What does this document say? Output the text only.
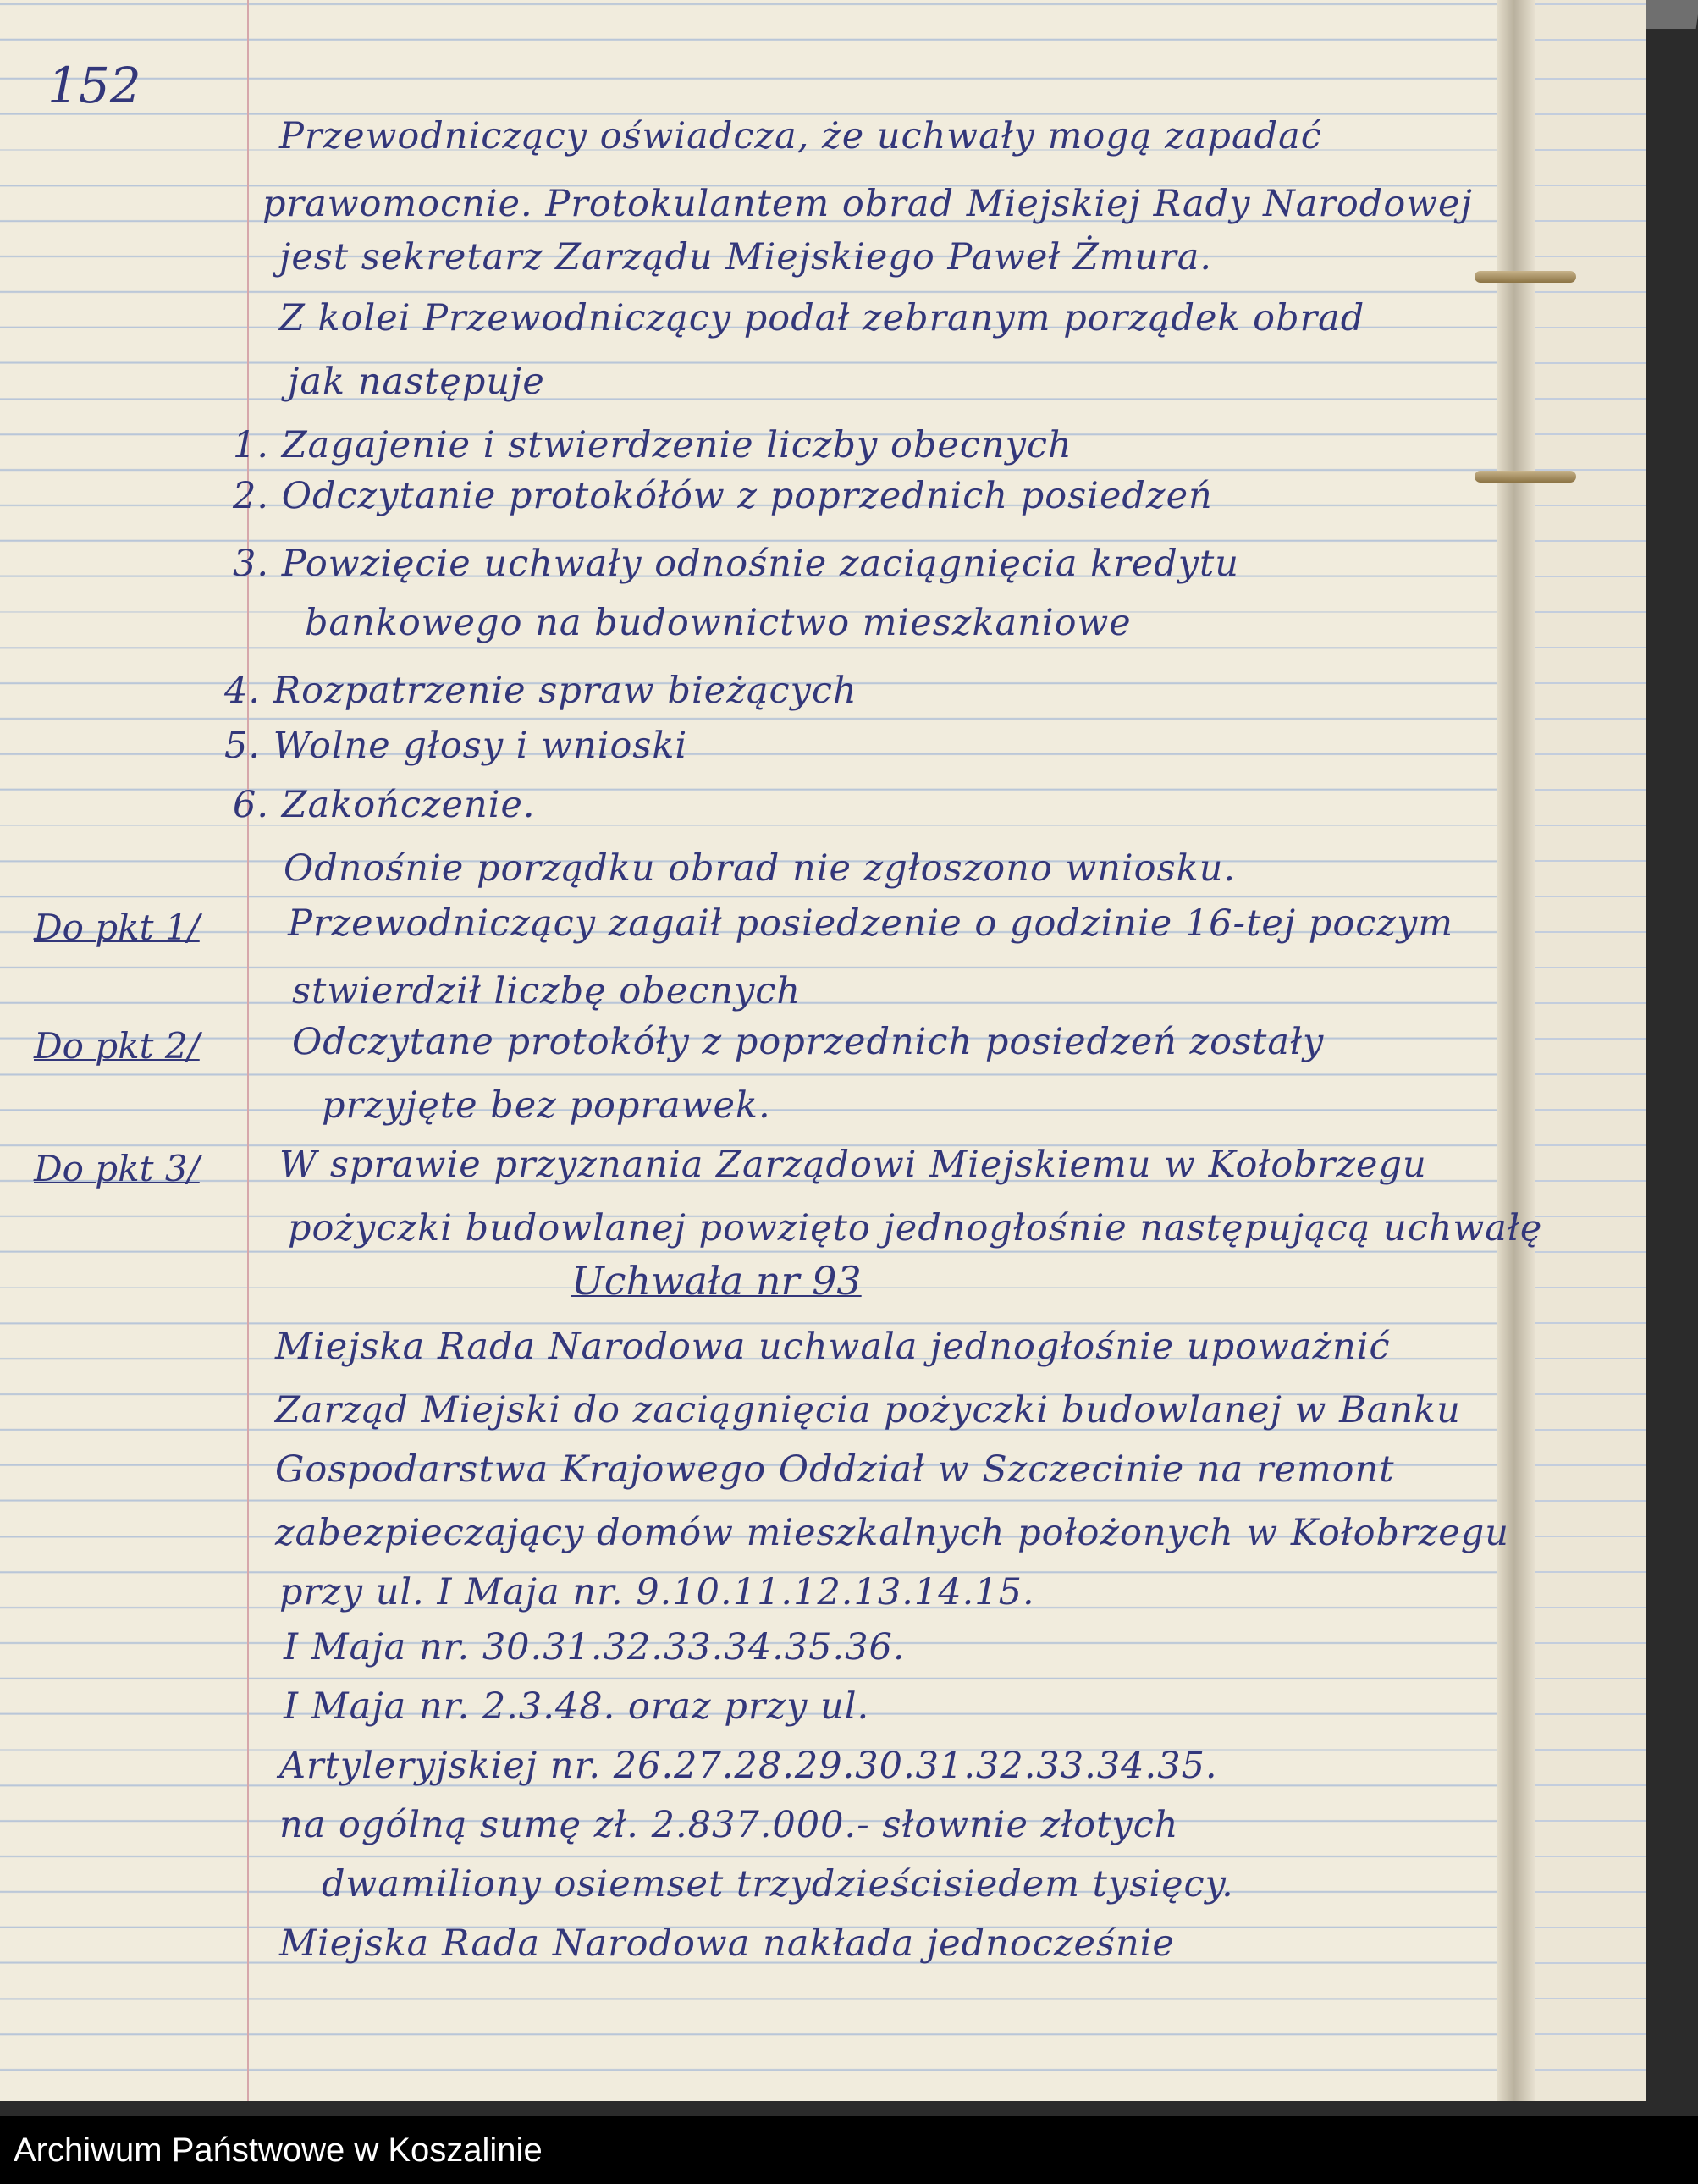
152
Przewodniczący oświadcza, że uchwały mogą zapadać
prawomocnie. Protokulantem obrad Miejskiej Rady Narodowej
jest sekretarz Zarządu Miejskiego Paweł Żmura.
Z kolei Przewodniczący podał zebranym porządek obrad
jak następuje
1. Zagajenie i stwierdzenie liczby obecnych
2. Odczytanie protokółów z poprzednich posiedzeń
3. Powzięcie uchwały odnośnie zaciągnięcia kredytu
bankowego na budownictwo mieszkaniowe
4. Rozpatrzenie spraw bieżących
5. Wolne głosy i wnioski
6. Zakończenie.
Odnośnie porządku obrad nie zgłoszono wniosku.
Do pkt 1/ Przewodniczący zagaił posiedzenie o godzinie 16-tej poczym
stwierdził liczbę obecnych
Do pkt 2/	Odczytane protokóły z poprzednich posiedzeń zostały
przyjęte bez poprawek.
Do pkt 3/ W sprawie przyznania Zarządowi Miejskiemu w Kołobrzegu
pożyczki budowlanej powzięto jednogłośnie następującą uchwałę
Uchwała nr 93
Miejska Rada Narodowa uchwala jednogłośnie upoważnić
Zarząd Miejski do zaciągnięcia pożyczki budowlanej w Banku
Gospodarstwa Krajowego Oddział w Szczecinie na remont
zabezpieczający domów mieszkalnych położonych w Kołobrzegu
przy ul. I Maja nr. 9.10.11.12.13.14.15.
I Maja nr. 30.31.32.33.34.35.36.
I Maja nr. 2.3.48. oraz przy ul.
Artyleryjskiej nr. 26.27.28.29.30.31.32.33.34.35.
na ogólną sumę zł. 2.837.000.- słownie złotych
dwamiliony osiemset trzydzieścisiedem tysięcy.
Miejska Rada Narodowa nakłada jednocześnie
Archiwum Państwowe w Koszalinie
